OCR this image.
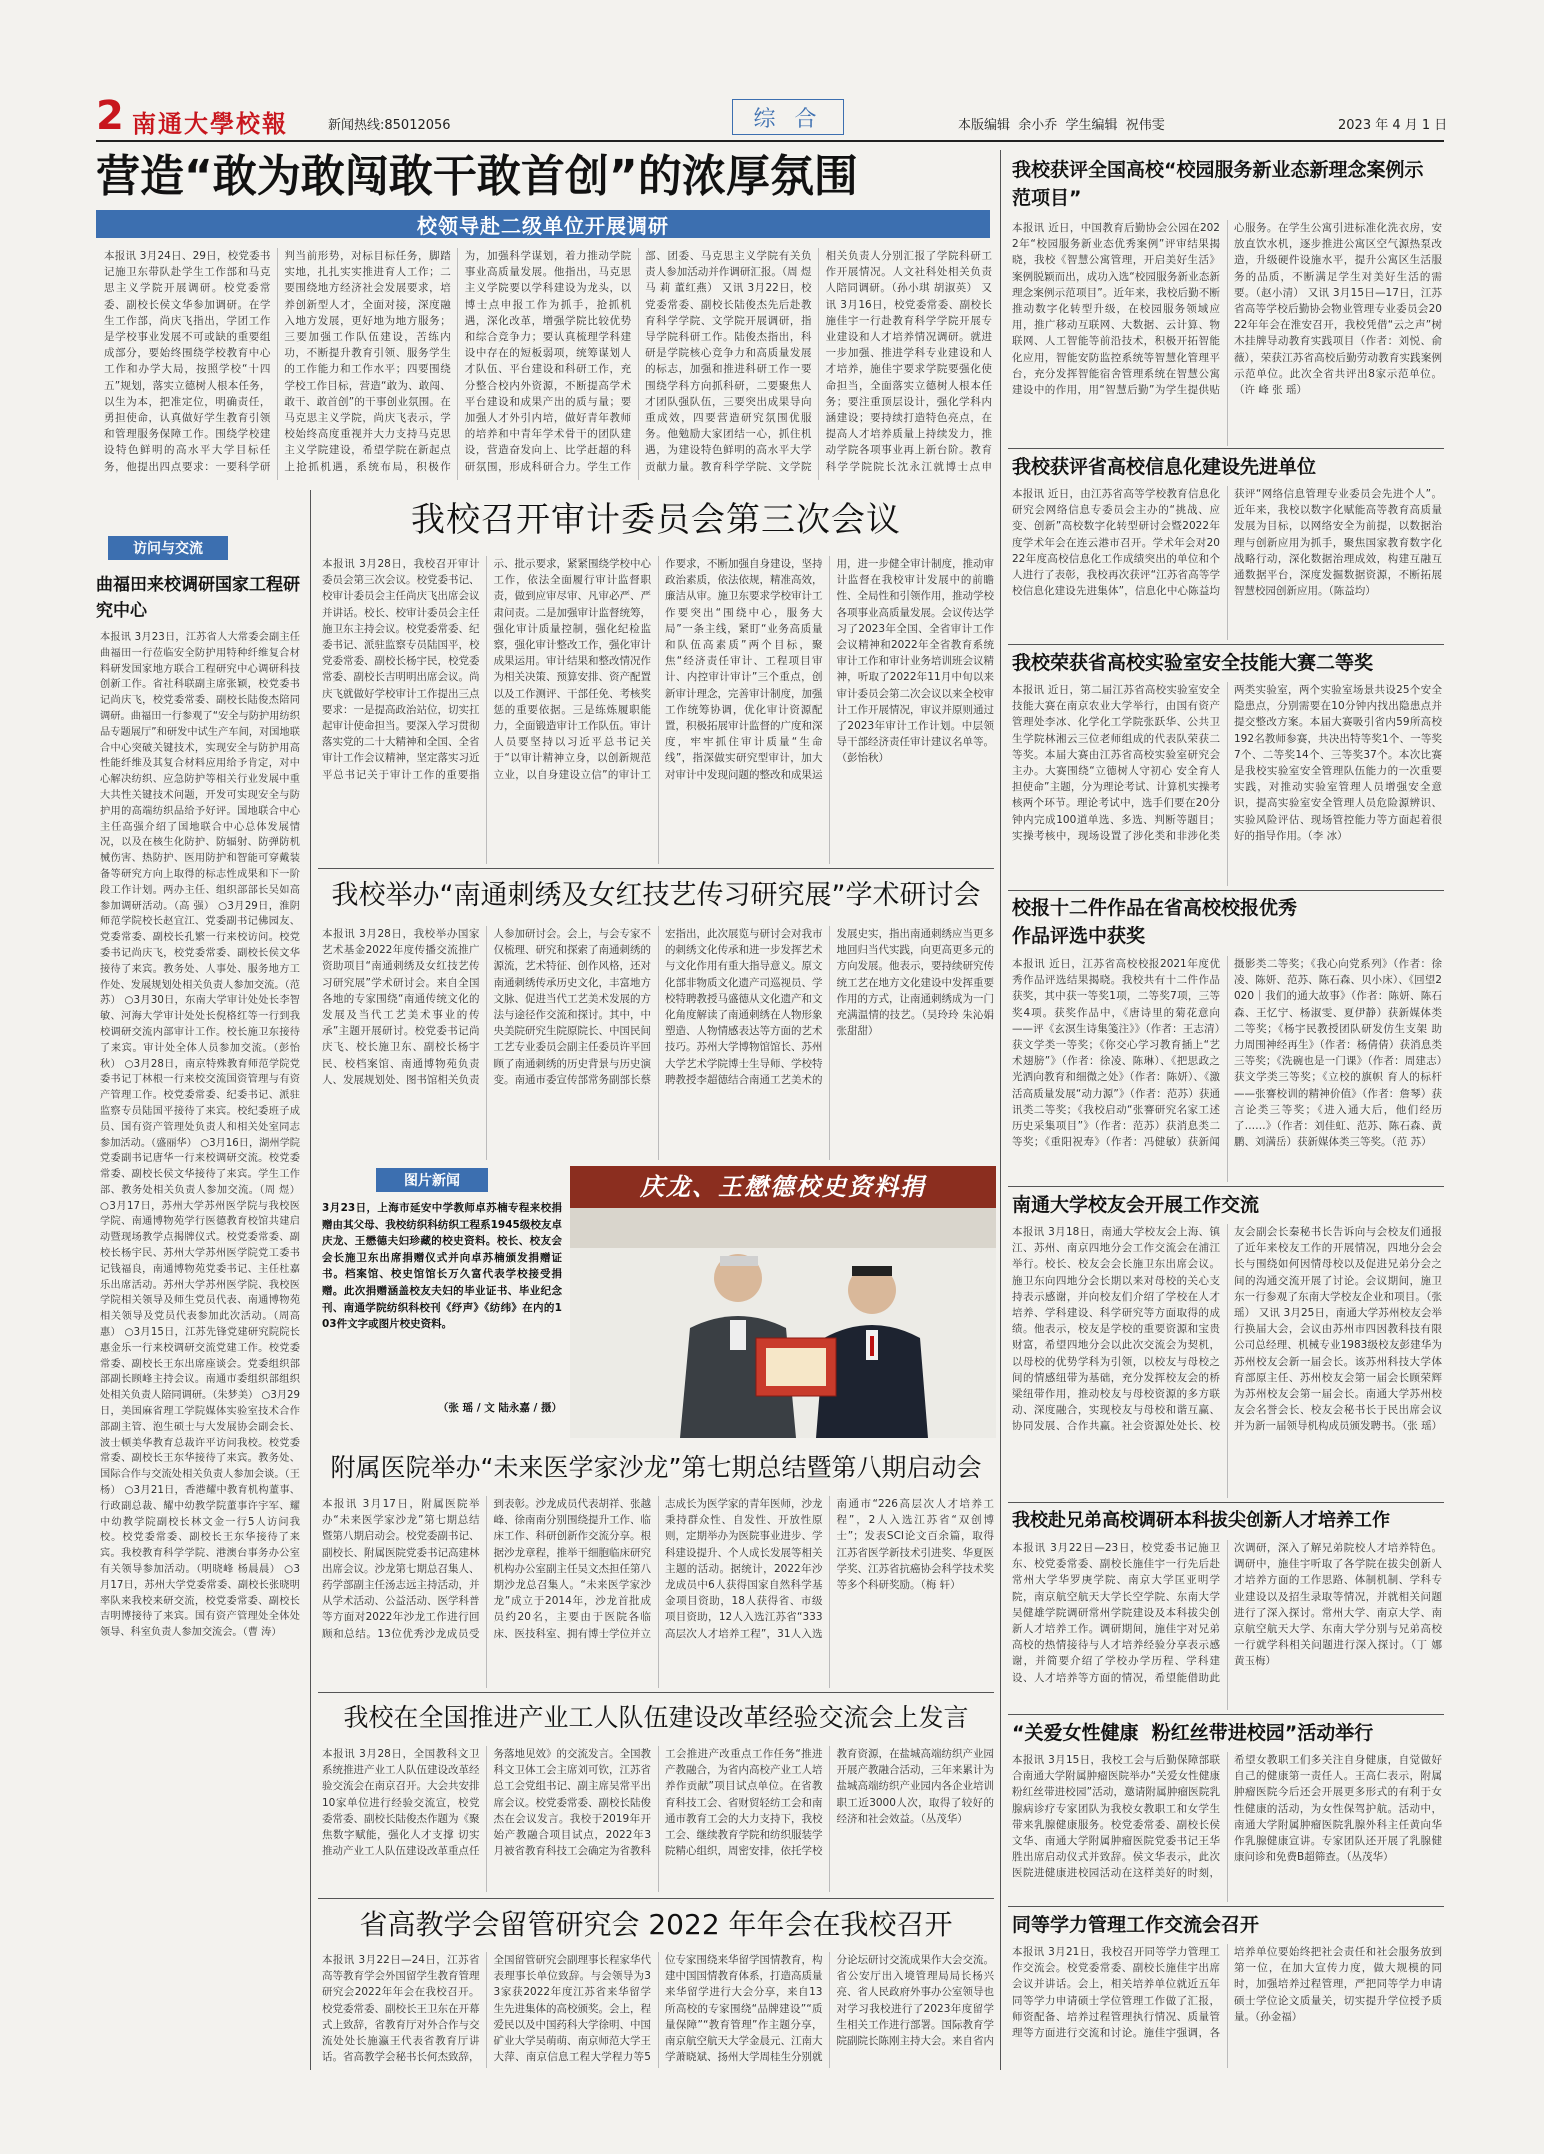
2 南通大學校報	新闻热线:85012056	综 合	本版编辑  余小乔  学生编辑  祝伟雯	2023 年 4 月 1 日
营造“敢为敢闯敢干敢首创”的浓厚氛围
校领导赴二级单位开展调研
本报讯 3月24日、29日，校党委书记施卫东带队赴学生工作部和马克思主义学院开展调研。校党委常委、副校长侯文华参加调研。在学生工作部，尚庆飞指出，学团工作是学校事业发展不可或缺的重要组成部分，要始终围绕学校教育中心工作和办学大局，按照学校“十四五”规划，落实立德树人根本任务，以生为本，把准定位，明确责任，勇担使命，认真做好学生教育引领和管理服务保障工作。围绕学校建设特色鲜明的高水平大学目标任务，他提出四点要求：一要科学研判当前形势，对标目标任务，脚踏实地，扎扎实实推进育人工作；二要围绕地方经济社会发展要求，培养创新型人才，全面对接，深度融入地方发展，更好地为地方服务；三要加强工作队伍建设，苦练内功，不断提升教育引领、服务学生的工作能力和工作水平；四要围绕学校工作目标，营造“敢为、敢闯、敢干、敢首创”的干事创业氛围。在马克思主义学院，尚庆飞表示，学校始终高度重视并大力支持马克思主义学院建设，希望学院在新起点上抢抓机遇，系统布局，积极作为，加强科学谋划，着力推动学院事业高质量发展。他指出，马克思主义学院要以学科建设为龙头，以博士点申报工作为抓手，抢抓机遇，深化改革，增强学院比较优势和综合竞争力；要认真梳理学科建设中存在的短板弱项，统筹谋划人才队伍、平台建设和科研工作，充分整合校内外资源，不断提高学术平台建设和成果产出的质与量；要加强人才外引内培，做好青年教师的培养和中青年学术骨干的团队建设，营造奋发向上、比学赶超的科研氛围，形成科研合力。学生工作部、团委、马克思主义学院有关负责人参加活动并作调研汇报。（周 煜 马 莉 董红燕） 又讯 3月22日，校党委常委、副校长陆俊杰先后赴教育科学学院、文学院开展调研，指导学院科研工作。陆俊杰指出，科研是学院核心竞争力和高质量发展的标志，加强和推进科研工作一要围绕学科方向抓科研，二要聚焦人才团队强队伍，三要突出成果导向重成效，四要营造研究氛围优服务。他勉励大家团结一心，抓住机遇，为建设特色鲜明的高水平大学贡献力量。教育科学学院、文学院相关负责人分别汇报了学院科研工作开展情况。人文社科处相关负责人陪同调研。（孙小琪 胡淑英） 又讯 3月16日，校党委常委、副校长施佳宇一行赴教育科学学院开展专业建设和人才培养情况调研。就进一步加强、推进学科专业建设和人才培养，施佳宇要求学院要强化使命担当，全面落实立德树人根本任务；要注重顶层设计，强化学科内涵建设；要持续打造特色亮点，在提高人才培养质量上持续发力，推动学院各项事业再上新台阶。教育科学学院院长沈永江就博士点申
访问与交流
曲福田来校调研国家工程研究中心
本报讯 3月23日，江苏省人大常委会副主任曲福田一行莅临安全防护用特种纤维复合材料研发国家地方联合工程研究中心调研科技创新工作。省社科联副主席张颖，校党委书记尚庆飞，校党委常委、副校长陆俊杰陪同调研。曲福田一行参观了“安全与防护用纺织品专题展厅”和研发中试生产车间，对国地联合中心突破关键技术，实现安全与防护用高性能纤维及其复合材料应用给予肯定，对中心解决纺织、应急防护等相关行业发展中重大共性关键技术问题，开发可实现安全与防护用的高端纺织品给予好评。国地联合中心主任高强介绍了国地联合中心总体发展情况，以及在核生化防护、防辐射、防弹防机械伤害、热防护、医用防护和智能可穿戴装备等研究方向上取得的标志性成果和下一阶段工作计划。两办主任、组织部部长吴如高参加调研活动。（高 强） ○3月29日，淮阴师范学院校长赵宜江、党委副书记佛园友、党委常委、副校长孔繁一行来校访问。校党委书记尚庆飞，校党委常委、副校长侯文华接待了来宾。教务处、人事处、服务地方工作处、发展规划处相关负责人参加交流。（范 苏） ○3月30日，东南大学审计处处长李智敏、河海大学审计处处长倪格红等一行到我校调研交流内部审计工作。校长施卫东接待了来宾。审计处全体人员参加交流。（彭怡秋） ○3月28日，南京特殊教育师范学院党委书记丁林根一行来校交流国资管理与有资产管理工作。校党委常委、纪委书记、派驻监察专员陆国平接待了来宾。校纪委班子成员、国有资产管理处负责人和相关处室同志参加活动。（盛丽华） ○3月16日，湖州学院党委副书记唐华一行来校调研交流。校党委常委、副校长侯文华接待了来宾。学生工作部、教务处相关负责人参加交流。（周 煜） ○3月17日，苏州大学苏州医学院与我校医学院、南通博物苑学行医德教育校馆共建启动暨现场教学点揭牌仪式。校党委常委、副校长杨宇民、苏州大学苏州医学院党工委书记钱福良，南通博物苑党委书记、主任杜嘉乐出席活动。苏州大学苏州医学院、我校医学院相关领导及师生党员代表、南通博物苑相关领导及党员代表参加此次活动。（周高惠） ○3月15日，江苏先锋党建研究院院长惠金乐一行来校调研交流党建工作。校党委常委、副校长王东出席座谈会。党委组织部部副长顾峰主持会议。南通市委组织部组织处相关负责人陪同调研。（朱梦美） ○3月29日，美国麻省理工学院媒体实验室技术合作部副主管、泡生硕士与大发展协会副会长、波士顿美华教育总裁许平访问我校。校党委常委、副校长王东华接待了来宾。教务处、国际合作与交流处相关负责人参加会谈。（王 杨） ○3月21日，香港耀中教育机构董事、行政副总裁、耀中幼教学院董事许宇军、耀中幼教学院副校长林文金一行5人访问我校。校党委常委、副校长王东华接待了来宾。我校教育科学学院、港澳台事务办公室有关领导参加活动。（明晓峰 杨晨晨） ○3月17日，苏州大学党委常委、副校长张晓明率队来我校来研交流，校党委常委、副校长吉明博接待了来宾。国有资产管理处全体处领导、科室负责人参加交流会。（曹 涛）
我校召开审计委员会第三次会议
本报讯 3月28日，我校召开审计委员会第三次会议。校党委书记、校审计委员会主任尚庆飞出席会议并讲话。校长、校审计委员会主任施卫东主持会议。校党委常委、纪委书记、派驻监察专员陆国平，校党委常委、副校长杨宇民，校党委常委、副校长吉明明出席会议。尚庆飞就做好学校审计工作提出三点要求：一是提高政治站位，切实扛起审计使命担当。要深入学习贯彻落实党的二十大精神和全国、全省审计工作会议精神，坚定落实习近平总书记关于审计工作的重要指示、批示要求，紧紧围绕学校中心工作，依法全面履行审计监督职责，做到应审尽审、凡审必严、严肃问责。二是加强审计监督统筹，强化审计质量控制，强化纪检监察，强化审计整改工作，强化审计成果运用。审计结果和整改情况作为相关决策、预算安排、资产配置以及工作测评、干部任免、考核奖惩的重要依据。三是练炼履职能力，全面锻造审计工作队伍。审计人员要坚持以习近平总书记关于“以审计精神立身，以创新规范立业，以自身建设立信”的审计工作要求，不断加强自身建设，坚持政治素质，依法依规，精准高效，廉洁从审。施卫东要求学校审计工作要突出“围绕中心，服务大局”一条主线，紧盯“业务高质量和队伍高素质”两个目标，聚焦“经济责任审计、工程项目审计、内控审计审计”三个重点，创新审计理念，完善审计制度，加强工作统筹协调，优化审计资源配置，积极拓展审计监督的广度和深度，牢牢抓住审计质量“生命线”，指深做实研究型审计，加大对审计中发现问题的整改和成果运用，进一步健全审计制度，推动审计监督在我校审计发展中的前瞻性、全局性和引领作用，推动学校各项事业高质量发展。会议传达学习了2023年全国、全省审计工作会议精神和2022年全省教育系统审计工作和审计业务培训班会议精神，听取了2022年11月中旬以来审计委员会第二次会议以来全校审计工作开展情况，审议并原则通过了2023年审计工作计划。中层领导干部经济责任审计建议名单等。（彭怡秋）
我校举办“南通刺绣及女红技艺传习研究展”学术研讨会
本报讯 3月28日，我校举办国家艺术基金2022年度传播交流推广资助项目“南通刺绣及女红技艺传习研究展”学术研讨会。来自全国各地的专家围绕“南通传统文化的发展及当代工艺美术事业的传承”主题开展研讨。校党委书记尚庆飞、校长施卫东、副校长杨宇民、校档案馆、南通博物苑负责人、发展规划处、图书馆相关负责人参加研讨会。会上，与会专家不仅梳理、研究和探索了南通刺绣的源流，艺术特征、创作风格，还对南通刺绣传承历史文化，丰富地方文脉、促进当代工艺美术发展的方法与途径作交流和探讨。其中，中央美院研究生院原院长、中国民间工艺专业委员会副主任委员许平回顾了南通刺绣的历史背景与历史演变。南通市委宣传部常务副部长蔡宏指出，此次展览与研讨会对我市的刺绣文化传承和进一步发挥艺术与文化作用有重大指导意义。原文化部非物质文化遗产司巡视员、学校特聘教授马盛德从文化遗产和文化角度解读了南通刺绣在人物形象塑造、人物情感表达等方面的艺术技巧。苏州大学博物馆馆长、苏州大学艺术学院博士生导师、学校特聘教授李超德结合南通工艺美术的发展史实，指出南通刺绣应当更多地回归当代实践，向更高更多元的方向发展。他表示，要持续研究传统工艺在地方文化建设中发挥重要作用的方式，让南通刺绣成为一门充满温情的技艺。（吴玲玲 朱沁娟 张甜甜）
图片新闻
3月23日，上海市延安中学教师卓苏楠专程来校捐赠由其父母、我校纺织科纺织工程系1945级校友卓庆龙、王懋德夫妇珍藏的校史资料。校长、校友会会长施卫东出席捐赠仪式并向卓苏楠颁发捐赠证书。档案馆、校史馆馆长万久富代表学校接受捐赠。此次捐赠涵盖校友夫妇的毕业证书、毕业纪念刊、南通学院纺织科校刊《纾声》《纺纬》在内的103件文字或图片校史资料。
（张 瑶 / 文 陆永嘉 / 摄）
庆龙、王懋德校史资料捐
附属医院举办“未来医学家沙龙”第七期总结暨第八期启动会
本报讯 3月17日，附属医院举办“未来医学家沙龙”第七期总结暨第八期启动会。校党委副书记、副校长、附属医院党委书记高建林出席会议。沙龙第七期总召集人、药学部副主任汤志远主持活动，并从学术活动、公益活动、医学科普等方面对2022年沙龙工作进行回顾和总结。13位优秀沙龙成员受到表彰。沙龙成员代表胡祥、张越峰、徐南南分别围绕提升工作、临床工作、科研创新作交流分享。根据沙龙章程，推举干细胞临床研究机构办公室副主任吴文杰担任第八期沙龙总召集人。“未来医学家沙龙”成立于2014年，沙龙首批成员约20名，主要由于医院各临床、医技科室、拥有博士学位并立志成长为医学家的青年医师，沙龙秉持群众性、自发性、开放性原则，定期举办为医院事业进步、学科建设提升、个人成长发展等相关主题的活动。据统计，2022年沙龙成员中6人获得国家自然科学基金项目资助，18人获得省、市级项目资助，12人入选江苏省“333高层次人才培养工程”，31人入选南通市“226高层次人才培养工程”，2人入选江苏省“双创博士”；发表SCI论文百余篇，取得江苏省医学新技术引进奖、华夏医学奖、江苏省抗癌协会科学技术奖等多个科研奖励。（梅 轩）
我校在全国推进产业工人队伍建设改革经验交流会上发言
本报讯 3月28日，全国教科文卫系统推进产业工人队伍建设改革经验交流会在南京召开。大会共安排10家单位进行经验交流宣，校党委常委、副校长陆俊杰作题为《聚焦数字赋能，强化人才支撑 切实推动产业工人队伍建设改革重点任务落地见效》的交流发言。全国教科文卫体工会主席刘可钦，江苏省总工会党组书记、副主席吴常平出席会议。校党委常委、副校长陆俊杰在会议发言。我校于2019年开始产教融合项目试点，2022年3月被省教育科技工会确定为省教科工会推进产改重点工作任务“推进产教融合，为省内高校产业工人培养作贡献”项目试点单位。在省教育科技工会、省财贸轻纺工会和南通市教育工会的大力支持下，我校工会、继续教育学院和纺织服装学院精心组织，周密安排，依托学校教育资源，在盐城高端纺织产业园开展产教融合活动，三年来累计为盐城高端纺织产业园内各企业培训职工近3000人次，取得了较好的经济和社会效益。（丛茂华）
省高教学会留管研究会 2022 年年会在我校召开
本报讯 3月22日—24日，江苏省高等教育学会外国留学生教育管理研究会2022年年会在我校召开。校党委常委、副校长王卫东在开幕式上致辞，省教育厅对外合作与交流处处长施瀛王代表省教育厅讲话。省高教学会秘书长何杰致辞，全国留管研究会副理事长程家华代表理事长单位致辞。与会领导为33家获2022年度江苏省来华留学生先进集体的高校颁奖。会上，程爱民以及中国药科大学徐明、中国矿业大学吴萌萌、南京师范大学王大萍、南京信息工程大学程力等5位专家围绕来华留学国情教育，构建中国国情教育体系，打造高质量来华留学进行大会分享，来自13所高校的专家围绕“品牌建设”“质量保障”“教育管理”作主题分享，南京航空航天大学金晨元、江南大学萧晓斌、扬州大学周桂生分别就分论坛研讨交流成果作大会交流。省公安厅出入境管理局局长杨兴亮、省人民政府外事办公室领导也对学习我校进行了2023年度留学生相关工作进行部署。国际教育学院副院长陈刚主持大会。来自省内
我校获评全国高校“校园服务新业态新理念案例示范项目”
本报讯 近日，中国教育后勤协会公园在2022年“校园服务新业态优秀案例”评审结果揭晓，我校《智慧公寓管理，开启美好生活》案例脱颖而出，成功入选“校园服务新业态新理念案例示范项目”。近年来，我校后勤不断推动数字化转型升级，在校园服务领域应用，推广移动互联网、大数据、云计算、物联网、人工智能等前沿技术，积极开拓智能化应用，智能安防监控系统等智慧化管理平台，充分发挥智能宿舍管理系统在智慧公寓建设中的作用，用“智慧后勤”为学生提供贴心服务。在学生公寓引进标准化洗衣房，安放直饮水机，逐步推进公寓区空气源热泵改造，升级硬件设施水平，提升公寓区生活服务的品质，不断满足学生对美好生活的需要。（赵小清） 又讯 3月15日—17日，江苏省高等学校后勤协会物业管理专业委员会2022年年会在淮安召开，我校凭借“云之声”树木挂牌导动教育实践项目（作者：刘悦、俞薇），荣获江苏省高校后勤劳动教育实践案例示范单位。此次全省共评出8家示范单位。（许 峰 张 瑶）
我校获评省高校信息化建设先进单位
本报讯 近日，由江苏省高等学校教育信息化研究会网络信息专委员会主办的“挑战、应变、创新”高校数字化转型研讨会暨2022年度学术年会在连云港市召开。学术年会对2022年度高校信息化工作成绩突出的单位和个人进行了表彰，我校再次获评“江苏省高等学校信息化建设先进集体”，信息化中心陈益均获评“网络信息管理专业委员会先进个人”。近年来，我校以数字化赋能高等教育高质量发展为目标，以网络安全为前提，以数据治理与创新应用为抓手，聚焦国家教育数字化战略行动，深化数据治理成效，构建互融互通数据平台，深度发掘数据资源，不断拓展智慧校园创新应用。（陈益均）
我校荣获省高校实验室安全技能大赛二等奖
本报讯 近日，第二届江苏省高校实验室安全技能大赛在南京农业大学举行，由国有资产管理处李冰、化学化工学院张跃华、公共卫生学院林湘云三位老师组成的代表队荣获二等奖。本届大赛由江苏省高校实验室研究会主办。大赛围绕“立德树人守初心 安全育人担使命”主题，分为理论考试、计算机实操考核两个环节。理论考试中，选手们要在20分钟内完成100道单选、多选、判断等题目；实操考核中，现场设置了涉化类和非涉化类两类实验室，两个实验室场景共设25个安全隐患点，分别需要在10分钟内找出隐患点并提交整改方案。本届大赛吸引省内59所高校192名教师参赛，共决出特等奖1个、一等奖7个、二等奖14个、三等奖37个。本次比赛是我校实验室安全管理队伍能力的一次重要实践，对推动实验室管理人员增强安全意识，提高实验室安全管理人员危险源辨识、实验风险评估、现场管控能力等方面起着很好的指导作用。（李 冰）
校报十二件作品在省高校校报优秀作品评选中获奖
本报讯 近日，江苏省高校校报2021年度优秀作品评选结果揭晓。我校共有十二件作品获奖，其中获一等奖1项，二等奖7项，三等奖4项。获奖作品中，《唐诗里的菊花意向——评《玄溟生诗集笺注》》（作者：王志清）获文学类一等奖；《你交心学习教育插上“艺术翅膀”》（作者：徐凌、陈琳）、《把思政之光洒向教育和细微之处》（作者：陈妍）、《激活高质量发展“动力源”》（作者：范苏）获通讯类二等奖；《我校启动“张謇研究名家工述历史采集项目”》（作者：范苏）获消息类二等奖；《重阳祝寿》（作者：冯健敏）获新闻摄影类二等奖；《我心向党系列》（作者：徐凌、陈妍、范苏、陈石森、贝小床）、《回望2020｜我们的通大故事》（作者：陈妍、陈石森、王忆宁、杨淑雯、夏伊静）获新媒体类二等奖；《杨宇民教授团队研发仿生支架 助力周围神经再生》（作者：杨倩倩）获消息类三等奖；《洗碗也是一门课》（作者：周建志）获文学类三等奖；《立校的旗帜 育人的标杆——张謇校训的精神价值》（作者：詹琴）获言论类三等奖；《进入通大后，他们经历了……》（作者：刘佳虹、范苏、陈石森、黄鹏、刘满岳）获新媒体类三等奖。（范 苏）
南通大学校友会开展工作交流
本报讯 3月18日，南通大学校友会上海、镇江、苏州、南京四地分会工作交流会在浦江举行。校长、校友会会长施卫东出席会议。施卫东向四地分会长期以来对母校的关心支持表示感谢，并向校友们介绍了学校在人才培养、学科建设、科学研究等方面取得的成绩。他表示，校友是学校的重要资源和宝贵财富，希望四地分会以此次交流会为契机，以母校的优势学科为引领，以校友与母校之间的情感纽带为基础，充分发挥校友会的桥梁纽带作用，推动校友与母校资源的多方联动、深度融合，实现校友与母校和谐互赢、协同发展、合作共赢。社会资源处处长、校友会副会长秦秘书长告诉向与会校友们通报了近年来校友工作的开展情况，四地分会会长与围绕如何因情母校以及促进兄弟分会之间的沟通交流开展了讨论。会议期间，施卫东一行参观了东南大学校友企业和项目。（张 瑶） 又讯 3月25日，南通大学苏州校友会举行换届大会，会议由苏州市四因教科技有限公司总经理、机械专业1983级校友彭建华为苏州校友会新一届会长。该苏州科技大学体育部原主任、苏州校友会第一届会长顾荣辉为苏州校友会第一届会长。南通大学苏州校友会名誉会长、校友会秘书长于民出席会议并为新一届领导机构成员颁发聘书。（张 瑶）
我校赴兄弟高校调研本科拔尖创新人才培养工作
本报讯 3月22日—23日，校党委书记施卫东、校党委常委、副校长施佳宇一行先后赴常州大学华罗庚学院、南京大学匡亚明学院，南京航空航天大学长空学院、东南大学吴健雄学院调研常州学院建设及本科拔尖创新人才培养工作。调研期间，施佳宇对兄弟高校的热情接待与人才培养经验分享表示感谢，并简要介绍了学校办学历程、学科建设、人才培养等方面的情况，希望能借助此次调研，深入了解兄弟院校人才培养特色。调研中，施佳宇听取了各学院在拔尖创新人才培养方面的工作思路、体制机制、学科专业建设以及招生录取等情况，并就相关问题进行了深入探讨。常州大学、南京大学、南京航空航天大学、东南大学分别与兄弟高校一行就学科相关问题进行深入探讨。（丁 娜 黄玉梅）
“关爱女性健康  粉红丝带进校园”活动举行
本报讯 3月15日，我校工会与后勤保障部联合南通大学附属肿瘤医院举办“关爱女性健康 粉红丝带进校园”活动，邀请附属肿瘤医院乳腺病诊疗专家团队为我校女教职工和女学生带来乳腺健康服务。校党委常委、副校长侯文华、南通大学附属肿瘤医院党委书记王华胜出席启动仪式并致辞。侯文华表示，此次医院进健康进校园活动在这样美好的时刻，希望女教职工们多关注自身健康，自觉做好自己的健康第一责任人。王高仁表示，附属肿瘤医院今后还会开展更多形式的有利于女性健康的活动，为女性保驾护航。活动中，南通大学附属肿瘤医院乳腺外科主任黄向华作乳腺健康宣讲。专家团队还开展了乳腺健康问诊和免费B超筛查。（丛茂华）
同等学力管理工作交流会召开
本报讯 3月21日，我校召开同等学力管理工作交流会。校党委常委、副校长施佳宇出席会议并讲话。会上，相关培养单位就近五年同等学力申请硕士学位管理工作做了汇报，师资配备、培养过程管理执行情况、质量管理等方面进行交流和讨论。施佳宇强调，各培养单位要始终把社会责任和社会服务放到第一位，在加大宣传力度，做大规模的同时，加强培养过程管理，严把同等学力申请硕士学位论文质量关，切实提升学位授予质量。（孙金福）
